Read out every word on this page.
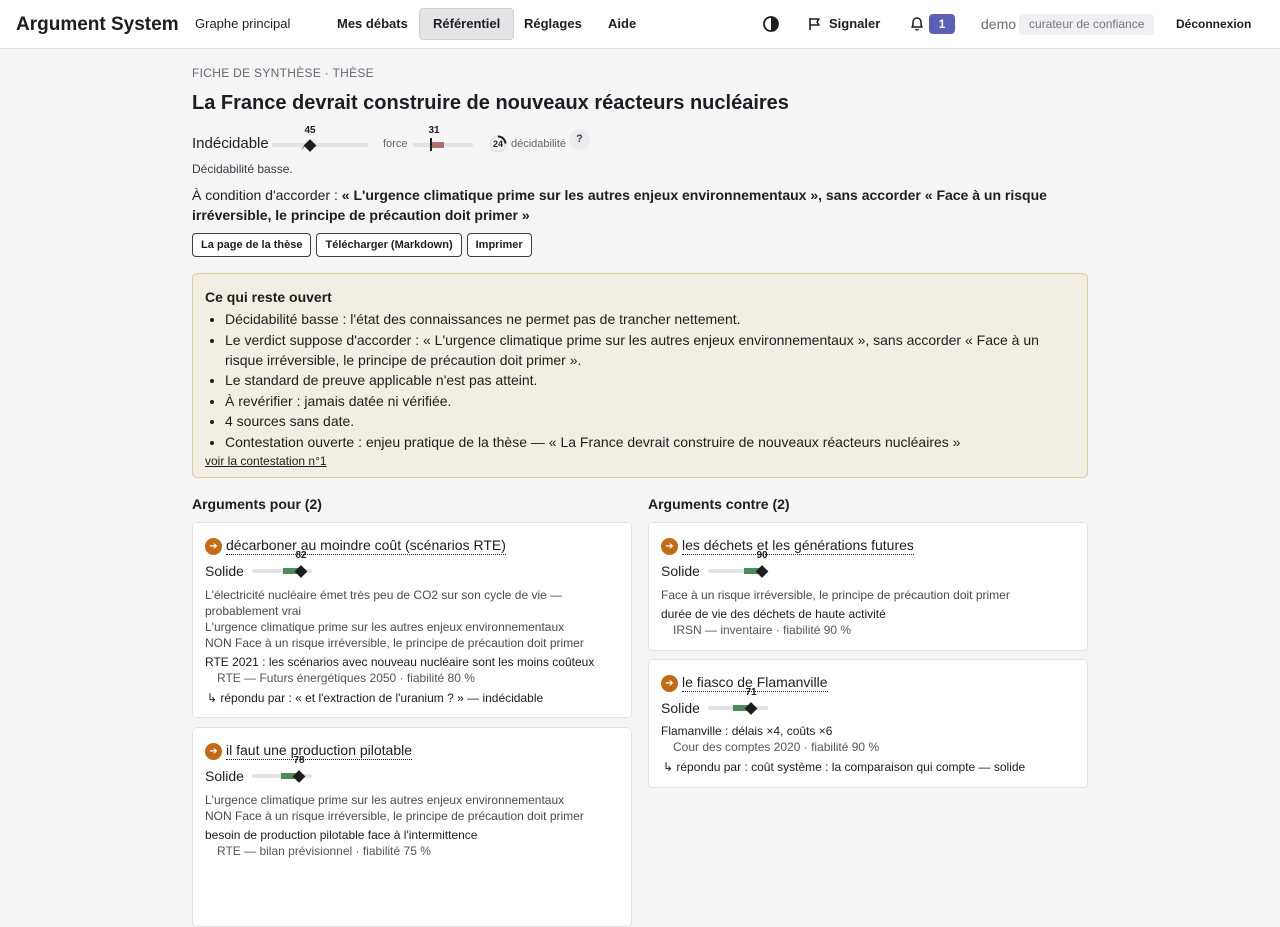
Argument System Graphe principal	Mes débats	Référentiel	Réglages	Aide	Signaler	1	demo	curateur de confiance	Déconnexion
FICHE DE SYNTHÈSE · THÈSE
La France devrait construire de nouveaux réacteurs nucléaires
Indécidable
45
force
31
24 décidabilité ?
Décidabilité basse.
À condition d'accorder : « L'urgence climatique prime sur les autres enjeux environnementaux », sans accorder « Face à un risque irréversible, le principe de précaution doit primer »
La page de la thèse Télécharger (Markdown) Imprimer
Ce qui reste ouvert
• Décidabilité basse : l'état des connaissances ne permet pas de trancher nettement.
• Le verdict suppose d'accorder : « L'urgence climatique prime sur les autres enjeux environnementaux », sans accorder « Face à un risque irréversible, le principe de précaution doit primer ».
• Le standard de preuve applicable n'est pas atteint.
• À revérifier : jamais datée ni vérifiée.
• 4 sources sans date.
• Contestation ouverte : enjeu pratique de la thèse — « La France devrait construire de nouveaux réacteurs nucléaires »
voir la contestation n°1
Arguments pour (2)	Arguments contre (2)
➔ décarboner au moindre coût (scénarios RTE)
Solide
82
L'électricité nucléaire émet très peu de CO2 sur son cycle de vie —
probablement vrai
L'urgence climatique prime sur les autres enjeux environnementaux
NON Face à un risque irréversible, le principe de précaution doit primer
RTE 2021 : les scénarios avec nouveau nucléaire sont les moins coûteux
RTE — Futurs énergétiques 2050 · fiabilité 80 %
↳ répondu par : « et l'extraction de l'uranium ? » — indécidable
➔ il faut une production pilotable
Solide
78
L'urgence climatique prime sur les autres enjeux environnementaux
NON Face à un risque irréversible, le principe de précaution doit primer
besoin de production pilotable face à l'intermittence
RTE — bilan prévisionnel · fiabilité 75 %
➔ les déchets et les générations futures
Solide
90
Face à un risque irréversible, le principe de précaution doit primer
durée de vie des déchets de haute activité
IRSN — inventaire · fiabilité 90 %
➔ le fiasco de Flamanville
Solide
71
Flamanville : délais ×4, coûts ×6
Cour des comptes 2020 · fiabilité 90 %
↳ répondu par : coût système : la comparaison qui compte — solide
